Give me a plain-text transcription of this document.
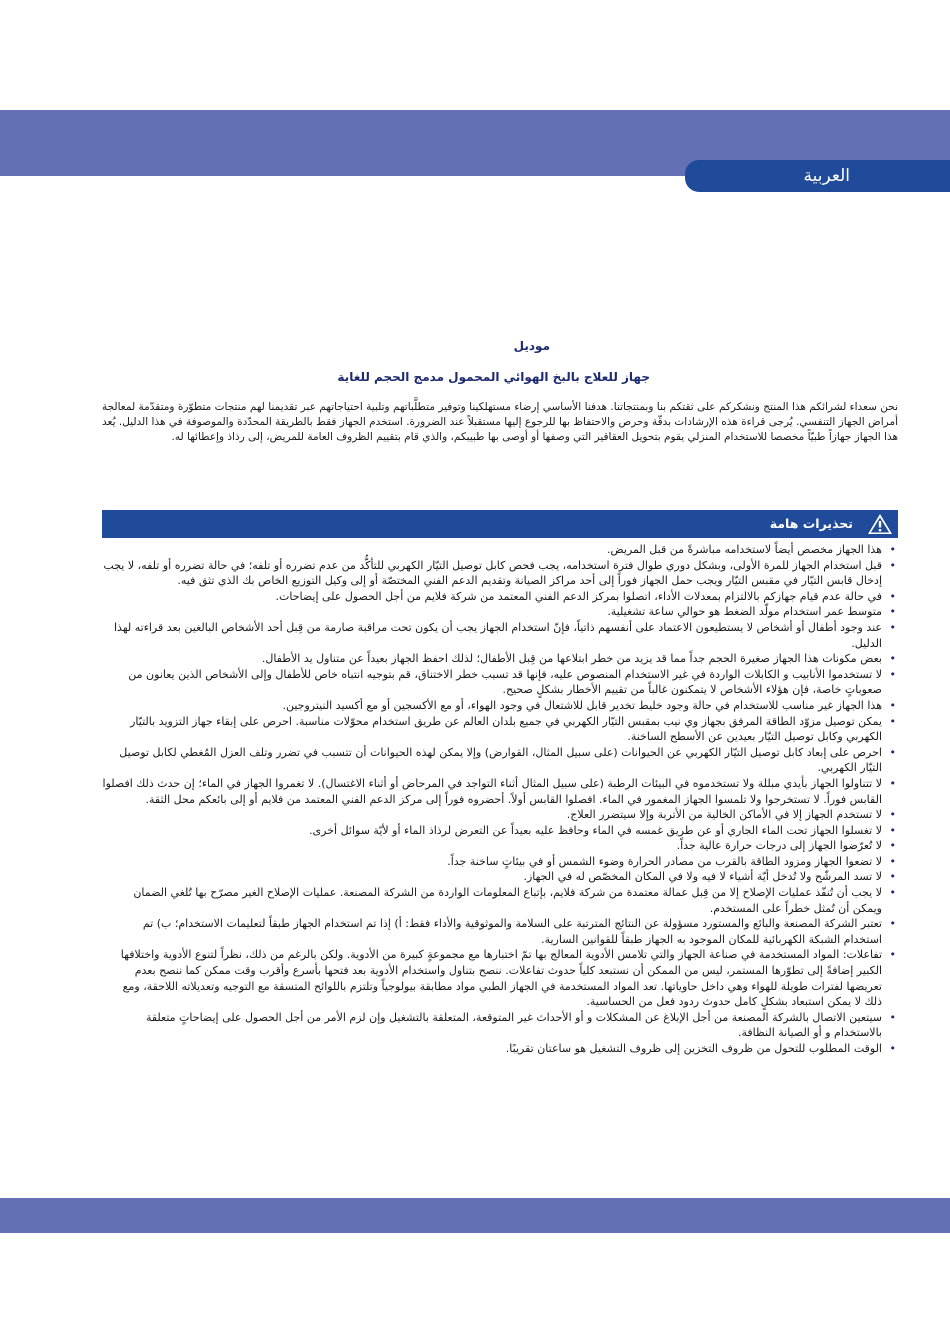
العربية
موديل
جهاز للعلاج بالبخ الهوائي المحمول مدمج الحجم للغاية

نحن سعداء لشرائكم هذا المنتج ونشكركم على ثقتكم بنا وبمنتجاتنا. هدفنا الأساسي إرضاء مستهلكينا وتوفير متطلَّباتهم وتلبية احتياجاتهم عبر تقديمنا لهم منتجات متطوّرة ومتقدّمة لمعالجة أمراض الجهاز التنفسي. يُرجى قراءة هذه الإرشادات بدقّة وحرص والاحتفاظ بها للرجوع إليها مستقبلاً عند الضرورة. استخدم الجهاز فقط بالطريقة المحدّدة والموصوفة في هذا الدليل. يُعد هذا الجهاز جهازاً طبيّاً مخصصا للاستخدام المنزلي يقوم بتحويل العقاقير التي وصفها أو أوصى بها طبيبكم، والذي قام بتقييم الظروف العامة للمريض، إلى رذاذ وإعطائها له.

تحذيرات هامة
• هذا الجهاز مخصص أيضاً لاستخدامه مباشرةً من قبل المريض.
• قبل استخدام الجهاز للمرة الأولى، وبشكل دوري طوال فترة استخدامه، يجب فحص كابل توصيل التيّار الكهربي للتأكُّد من عدم تضرره أو تلفه؛ في حالة تضرره أو تلفه، لا يجب إدخال قابس التيّار في مقبس التيّار ويجب حمل الجهاز فوراً إلى أحد مراكز الصيانة وتقديم الدعم الفني المختصّة أو إلى وكيل التوزيع الخاص بك الذي تثق فيه.
• في حالة عدم قيام جهازكم بالالتزام بمعدلات الأداء، اتصلوا بمركز الدعم الفني المعتمد من شركة فلايم من أجل الحصول على إيضاحات.
• متوسط عمر استخدام مولّد الضغط هو حوالي ساعة تشغيلية.
• عند وجود أطفال أو أشخاص لا يستطيعون الاعتماد على أنفسهم ذاتياً، فإنّ استخدام الجهاز يجب أن يكون تحت مراقبة صارمة من قِبل أحد الأشخاص البالغين بعد قراءته لهذا الدليل.
• بعض مكونات هذا الجهاز صغيرة الحجم جداً مما قد يزيد من خطر ابتلاعها من قِبل الأطفال؛ لذلك احفظ الجهاز بعيداً عن متناول يد الأطفال.
• لا تستخدموا الأنابيب و الكابلات الواردة في غير الاستخدام المنصوص عليه، فإنها قد تسبب خطر الاختناق، قم بتوجيه انتباه خاص للأطفال وإلى الأشخاص الذين يعانون من صعوباتٍ خاصة، فإن هؤلاء الأشخاص لا يتمكنون غالباً من تقييم الأخطار بشكلٍ صحيح.
• هذا الجهاز غير مناسب للاستخدام في حالة وجود خليط تخدير قابل للاشتعال في وجود الهواء، أو مع الأكسجين أو مع أكسيد النيتروجين.
• يمكن توصيل مزوّد الطاقة المرفق بجهاز وي نيب بمقبس التيّار الكهربي في جميع بلدان العالم عن طريق استخدام محوّلات مناسبة. احرص على إبقاء جهاز التزويد بالتيّار الكهربي وكابل توصيل التيّار بعيدين عن الأسطح الساخنة.
• احرص على إبعاد كابل توصيل التيّار الكهربي عن الحيوانات (على سبيل المثال، القوارض) وإلا يمكن لهذه الحيوانات أن تتسبب في تضرر وتلف العزل المُغطي لكابل توصيل التيّار الكهربي.
• لا تتناولوا الجهاز بأيدي مبللة ولا تستخدموه في البيئات الرطبة (على سبيل المثال أثناء التواجد في المرحاض أو أثناء الاغتسال). لا تغمروا الجهاز في الماء؛ إن حدث ذلك افصلوا القابس فوراً. لا تستخرجوا ولا تلمسوا الجهاز المغمور في الماء. افصلوا القابس أولاً. أحضروه فوراً إلى مركز الدعم الفني المعتمد من فلايم أو إلى بائعكم محل الثقة.
• لا تستخدم الجهاز إلا في الأماكن الخالية من الأتربة وإلا سيتضرر العلاج.
• لا تغسلوا الجهاز تحت الماء الجاري أو عن طريق غمسه في الماء وحافظ عليه بعيداً عن التعرض لرذاذ الماء أو لأيّة سوائل أخرى.
• لا تُعرّضوا الجهاز إلى درجات حرارة عالية جداً.
• لا تضعوا الجهاز ومزود الطاقة بالقرب من مصادر الحرارة وضوء الشمس أو في بيئاتٍ ساخنة جداً.
• لا تسد المرشّح ولا تُدخل أيّة أشياء لا فيه ولا في المكان المخصّص له في الجهاز.
• لا يجب أن تُنفّذ عمليات الإصلاح إلا من قِبل عمالة معتمدة من شركة فلايم، بإتباع المعلومات الواردة من الشركة المصنعة. عمليات الإصلاح الغير مصرّح بها تُلغي الضمان ويمكن أن تُمثل خطراً على المستخدم.
• تعتبر الشركة المصنعة والبائع والمستورد مسؤولة عن النتائج المترتبة على السلامة والموثوقية والأداء فقط: أ) إذا تم استخدام الجهاز طبقاً لتعليمات الاستخدام؛ ب) تم استخدام الشبكة الكهربائية للمكان الموجود به الجهاز طبقاً للقوانين السارية.
• تفاعلات: المواد المستخدمة في صناعة الجهاز والتي تلامس الأدوية المعالج بها تمّ اختبارها مع مجموعةٍ كبيرة من الأدوية. ولكن بالرغم من ذلك، نظراً لتنوع الأدوية واختلافها الكبير إضافةً إلى تطوّرها المستمر، ليس من الممكن أن نستبعد كلياً حدوث تفاعلات. ننصح بتناول واستخدام الأدوية بعد فتحها بأسرع وأقرب وقت ممكن كما ننصح بعدم تعريضها لفترات طويلة للهواء وهي داخل حاوياتها. تعد المواد المستخدمة في الجهاز الطبي مواد مطابقة بيولوجياً وتلتزم باللوائح المتسقة مع التوجيه وتعديلاته اللاحقة، ومع ذلك لا يمكن استبعاد بشكلٍ كامل حدوث ردود فعل من الحساسية.
• سيتعين الاتصال بالشركة المصنعة من أجل الإبلاغ عن المشكلات و أو الأحداث غير المتوقعة، المتعلقة بالتشغيل وإن لزم الأمر من أجل الحصول على إيضاحاتٍ متعلقة بالاستخدام و أو الصيانة النظافة.
• الوقت المطلوب للتحول من ظروف التخزين إلى ظروف التشغيل هو ساعتان تقريبًا.
